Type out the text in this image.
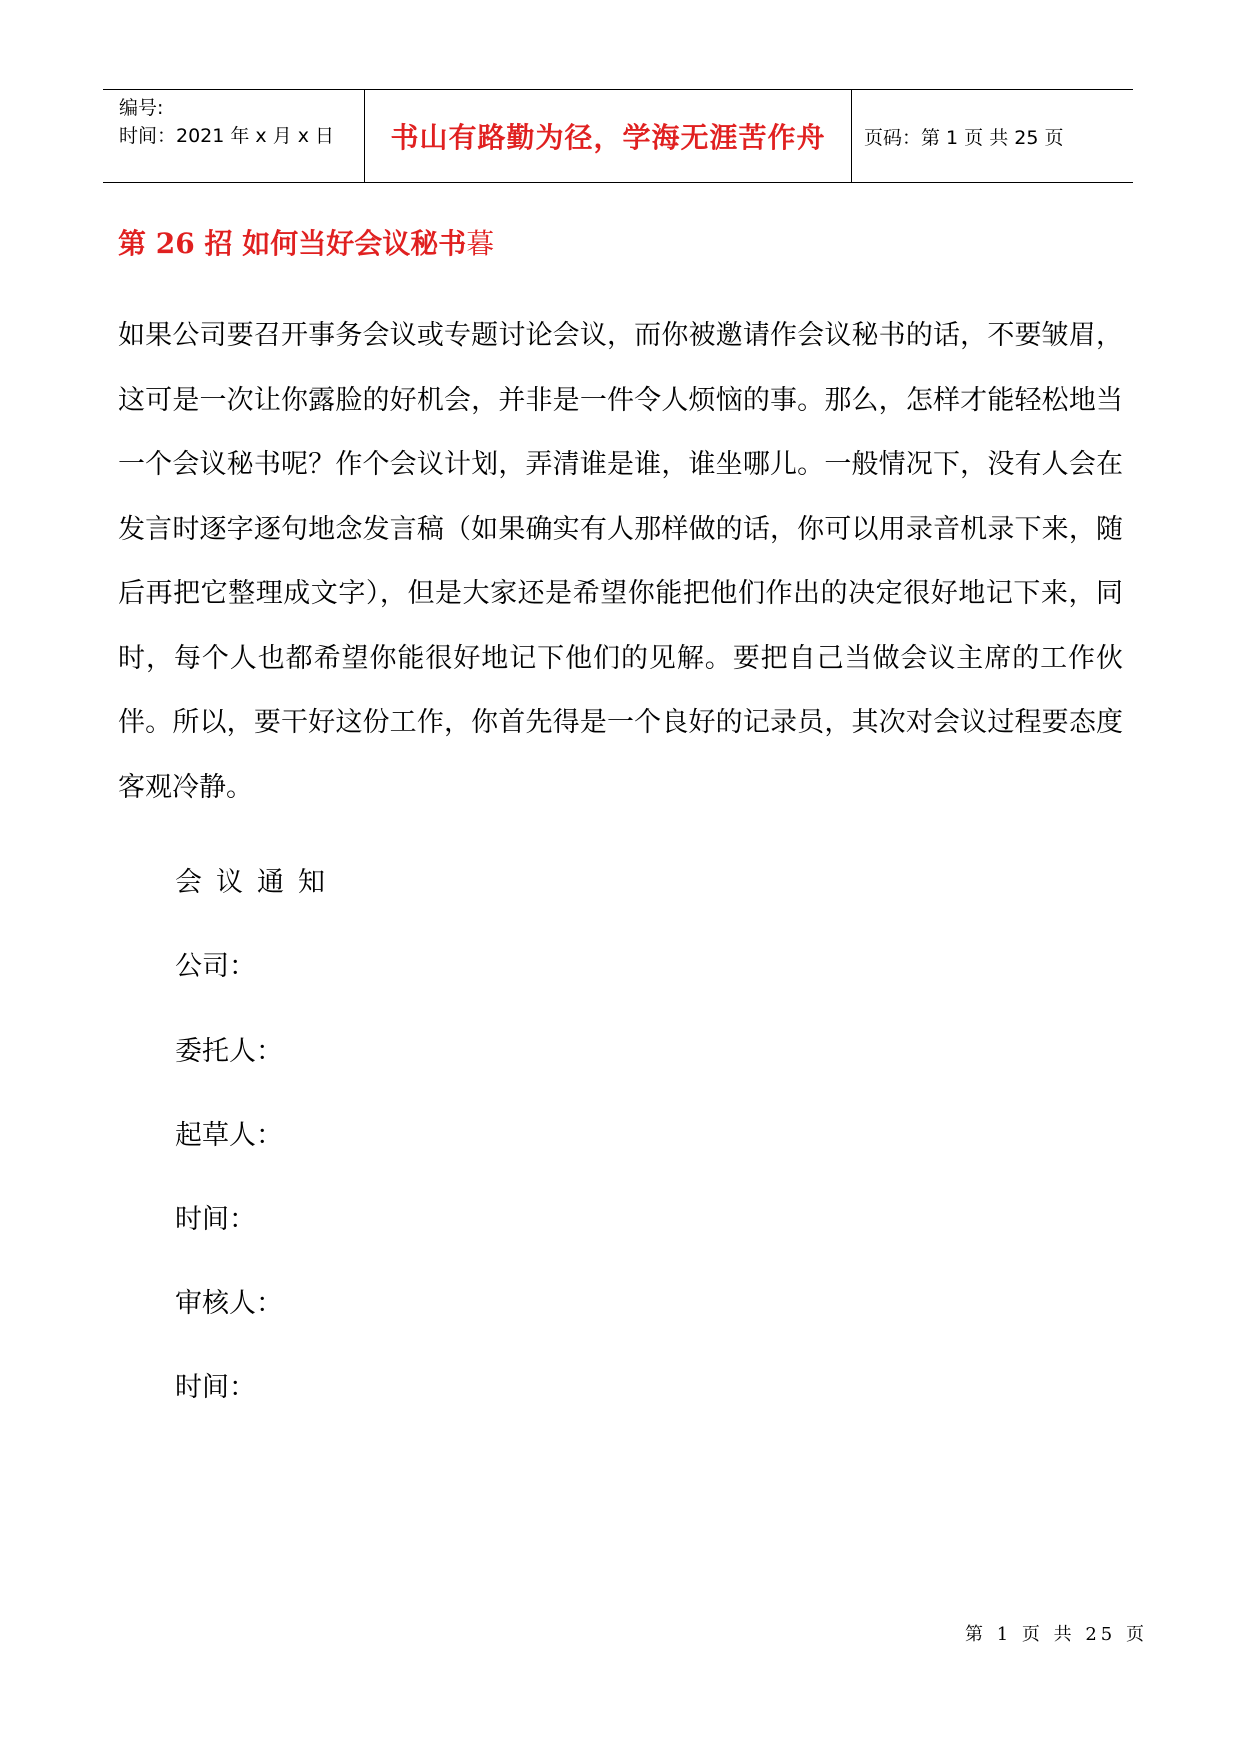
编号:
时间：2021 年 x 月 x 日	书山有路勤为径，学海无涯苦作舟	页码：第 1 页 共 25 页
第 26 招 如何当好会议秘书暮
如果公司要召开事务会议或专题讨论会议，而你被邀请作会议秘书的话，不要皱眉，这可是一次让你露脸的好机会，并非是一件令人烦恼的事。那么，怎样才能轻松地当一个会议秘书呢？作个会议计划，弄清谁是谁，谁坐哪儿。一般情况下，没有人会在发言时逐字逐句地念发言稿（如果确实有人那样做的话，你可以用录音机录下来，随后再把它整理成文字），但是大家还是希望你能把他们作出的决定很好地记下来，同时，每个人也都希望你能很好地记下他们的见解。要把自己当做会议主席的工作伙伴。所以，要干好这份工作，你首先得是一个良好的记录员，其次对会议过程要态度客观冷静。
会议通知
公司：
委托人：
起草人：
时间：
审核人：
时间：
第 1 页 共 25 页
